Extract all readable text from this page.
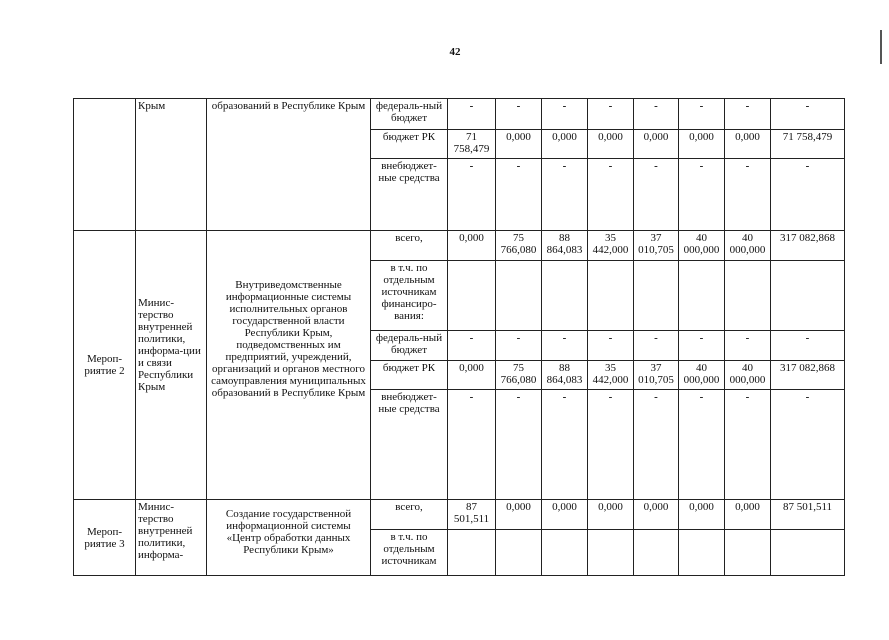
42
	Крым	образований в Республике Крым	федераль-ный бюджет	-	-	-	-	-	-	-	-
			бюджет РК	71 758,479	0,000	0,000	0,000	0,000	0,000	0,000	71 758,479
			внебюджет-ные средства	-	-	-	-	-	-	-	-
Мероп-риятие 2	Минис-терство внутренней политики, информа-ции и связи Республики Крым	Внутриведомственные информационные системы исполнительных органов государственной власти Республики Крым, подведомственных им предприятий, учреждений, организаций и органов местного самоуправления муниципальных образований в Республике Крым	всего,	0,000	75 766,080	88 864,083	35 442,000	37 010,705	40 000,000	40 000,000	317 082,868
			в т.ч. по отдельным источникам финансиро-вания:								
			федераль-ный бюджет	-	-	-	-	-	-	-	-
			бюджет РК	0,000	75 766,080	88 864,083	35 442,000	37 010,705	40 000,000	40 000,000	317 082,868
			внебюджет-ные средства	-	-	-	-	-	-	-	-
Мероп-риятие 3	Минис-терство внутренней политики, информа-	Создание государственной информационной системы «Центр обработки данных Республики Крым»	всего,	87 501,511	0,000	0,000	0,000	0,000	0,000	0,000	87 501,511
			в т.ч. по отдельным источникам								
